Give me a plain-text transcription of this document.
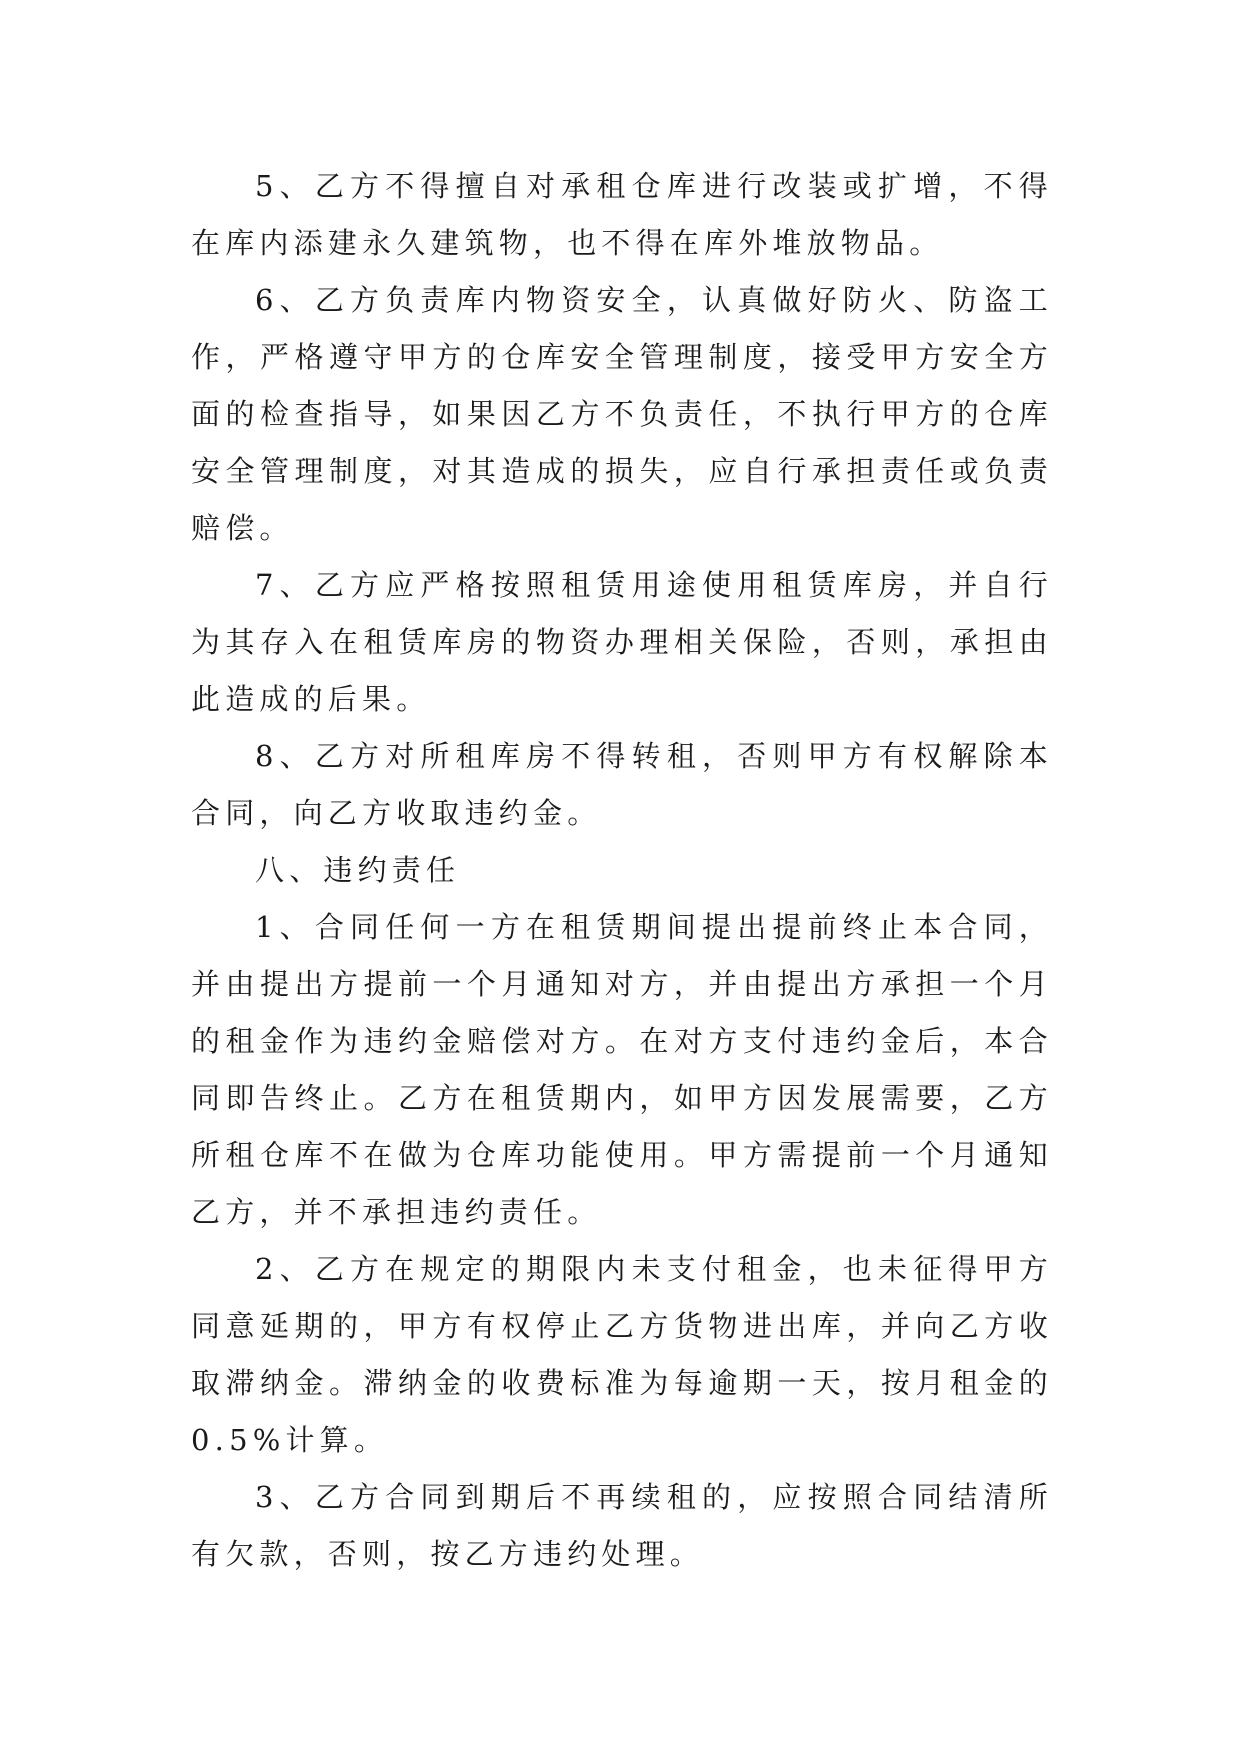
5、乙方不得擅自对承租仓库进行改装或扩增，不得在库内添建永久建筑物，也不得在库外堆放物品。

6、乙方负责库内物资安全，认真做好防火、防盗工作，严格遵守甲方的仓库安全管理制度，接受甲方安全方面的检查指导，如果因乙方不负责任，不执行甲方的仓库安全管理制度，对其造成的损失，应自行承担责任或负责赔偿。

7、乙方应严格按照租赁用途使用租赁库房，并自行为其存入在租赁库房的物资办理相关保险，否则，承担由此造成的后果。

8、乙方对所租库房不得转租，否则甲方有权解除本合同，向乙方收取违约金。

八、违约责任

1、合同任何一方在租赁期间提出提前终止本合同，并由提出方提前一个月通知对方，并由提出方承担一个月的租金作为违约金赔偿对方。在对方支付违约金后，本合同即告终止。乙方在租赁期内，如甲方因发展需要，乙方所租仓库不在做为仓库功能使用。甲方需提前一个月通知乙方，并不承担违约责任。

2、乙方在规定的期限内未支付租金，也未征得甲方同意延期的，甲方有权停止乙方货物进出库，并向乙方收取滞纳金。滞纳金的收费标准为每逾期一天，按月租金的0.5%计算。

3、乙方合同到期后不再续租的，应按照合同结清所有欠款，否则，按乙方违约处理。
